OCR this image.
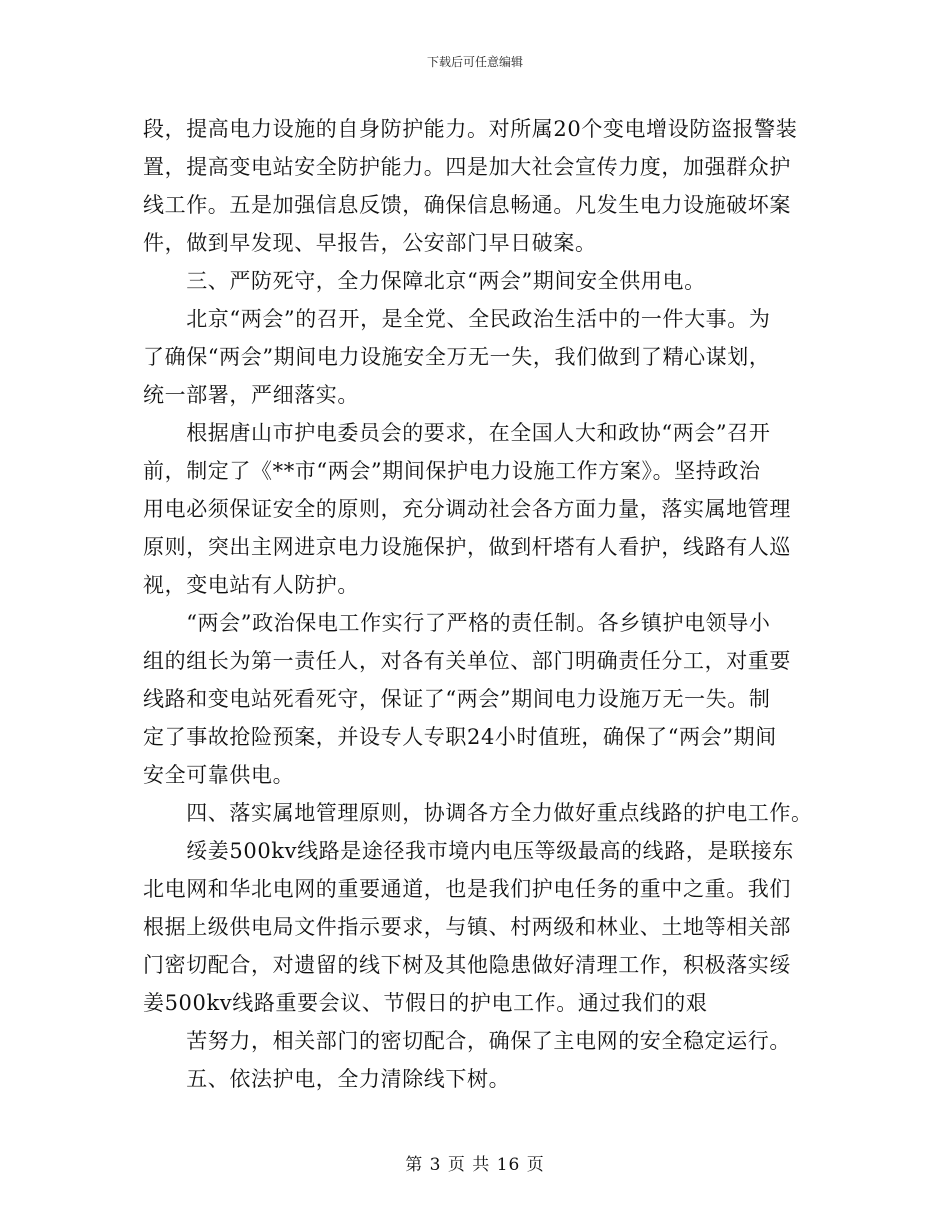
下载后可任意编辑
段，提高电力设施的自身防护能力。对所属20个变电增设防盗报警装
置，提高变电站安全防护能力。四是加大社会宣传力度，加强群众护
线工作。五是加强信息反馈，确保信息畅通。凡发生电力设施破坏案
件，做到早发现、早报告，公安部门早日破案。
　　三、严防死守，全力保障北京“两会”期间安全供用电。
　　北京“两会”的召开，是全党、全民政治生活中的一件大事。为
了确保“两会”期间电力设施安全万无一失，我们做到了精心谋划，
统一部署，严细落实。
　　根据唐山市护电委员会的要求，在全国人大和政协“两会”召开
前，制定了《**市“两会”期间保护电力设施工作方案》。坚持政治
用电必须保证安全的原则，充分调动社会各方面力量，落实属地管理
原则，突出主网进京电力设施保护，做到杆塔有人看护，线路有人巡
视，变电站有人防护。
　　“两会”政治保电工作实行了严格的责任制。各乡镇护电领导小
组的组长为第一责任人，对各有关单位、部门明确责任分工，对重要
线路和变电站死看死守，保证了“两会”期间电力设施万无一失。制
定了事故抢险预案，并设专人专职24小时值班，确保了“两会”期间
安全可靠供电。
　　四、落实属地管理原则，协调各方全力做好重点线路的护电工作。
　　绥姜500kv线路是途径我市境内电压等级最高的线路，是联接东
北电网和华北电网的重要通道，也是我们护电任务的重中之重。我们
根据上级供电局文件指示要求，与镇、村两级和林业、土地等相关部
门密切配合，对遗留的线下树及其他隐患做好清理工作，积极落实绥
姜500kv线路重要会议、节假日的护电工作。通过我们的艰
　　苦努力，相关部门的密切配合，确保了主电网的安全稳定运行。
　　五、依法护电，全力清除线下树。
第 3 页 共 16 页
